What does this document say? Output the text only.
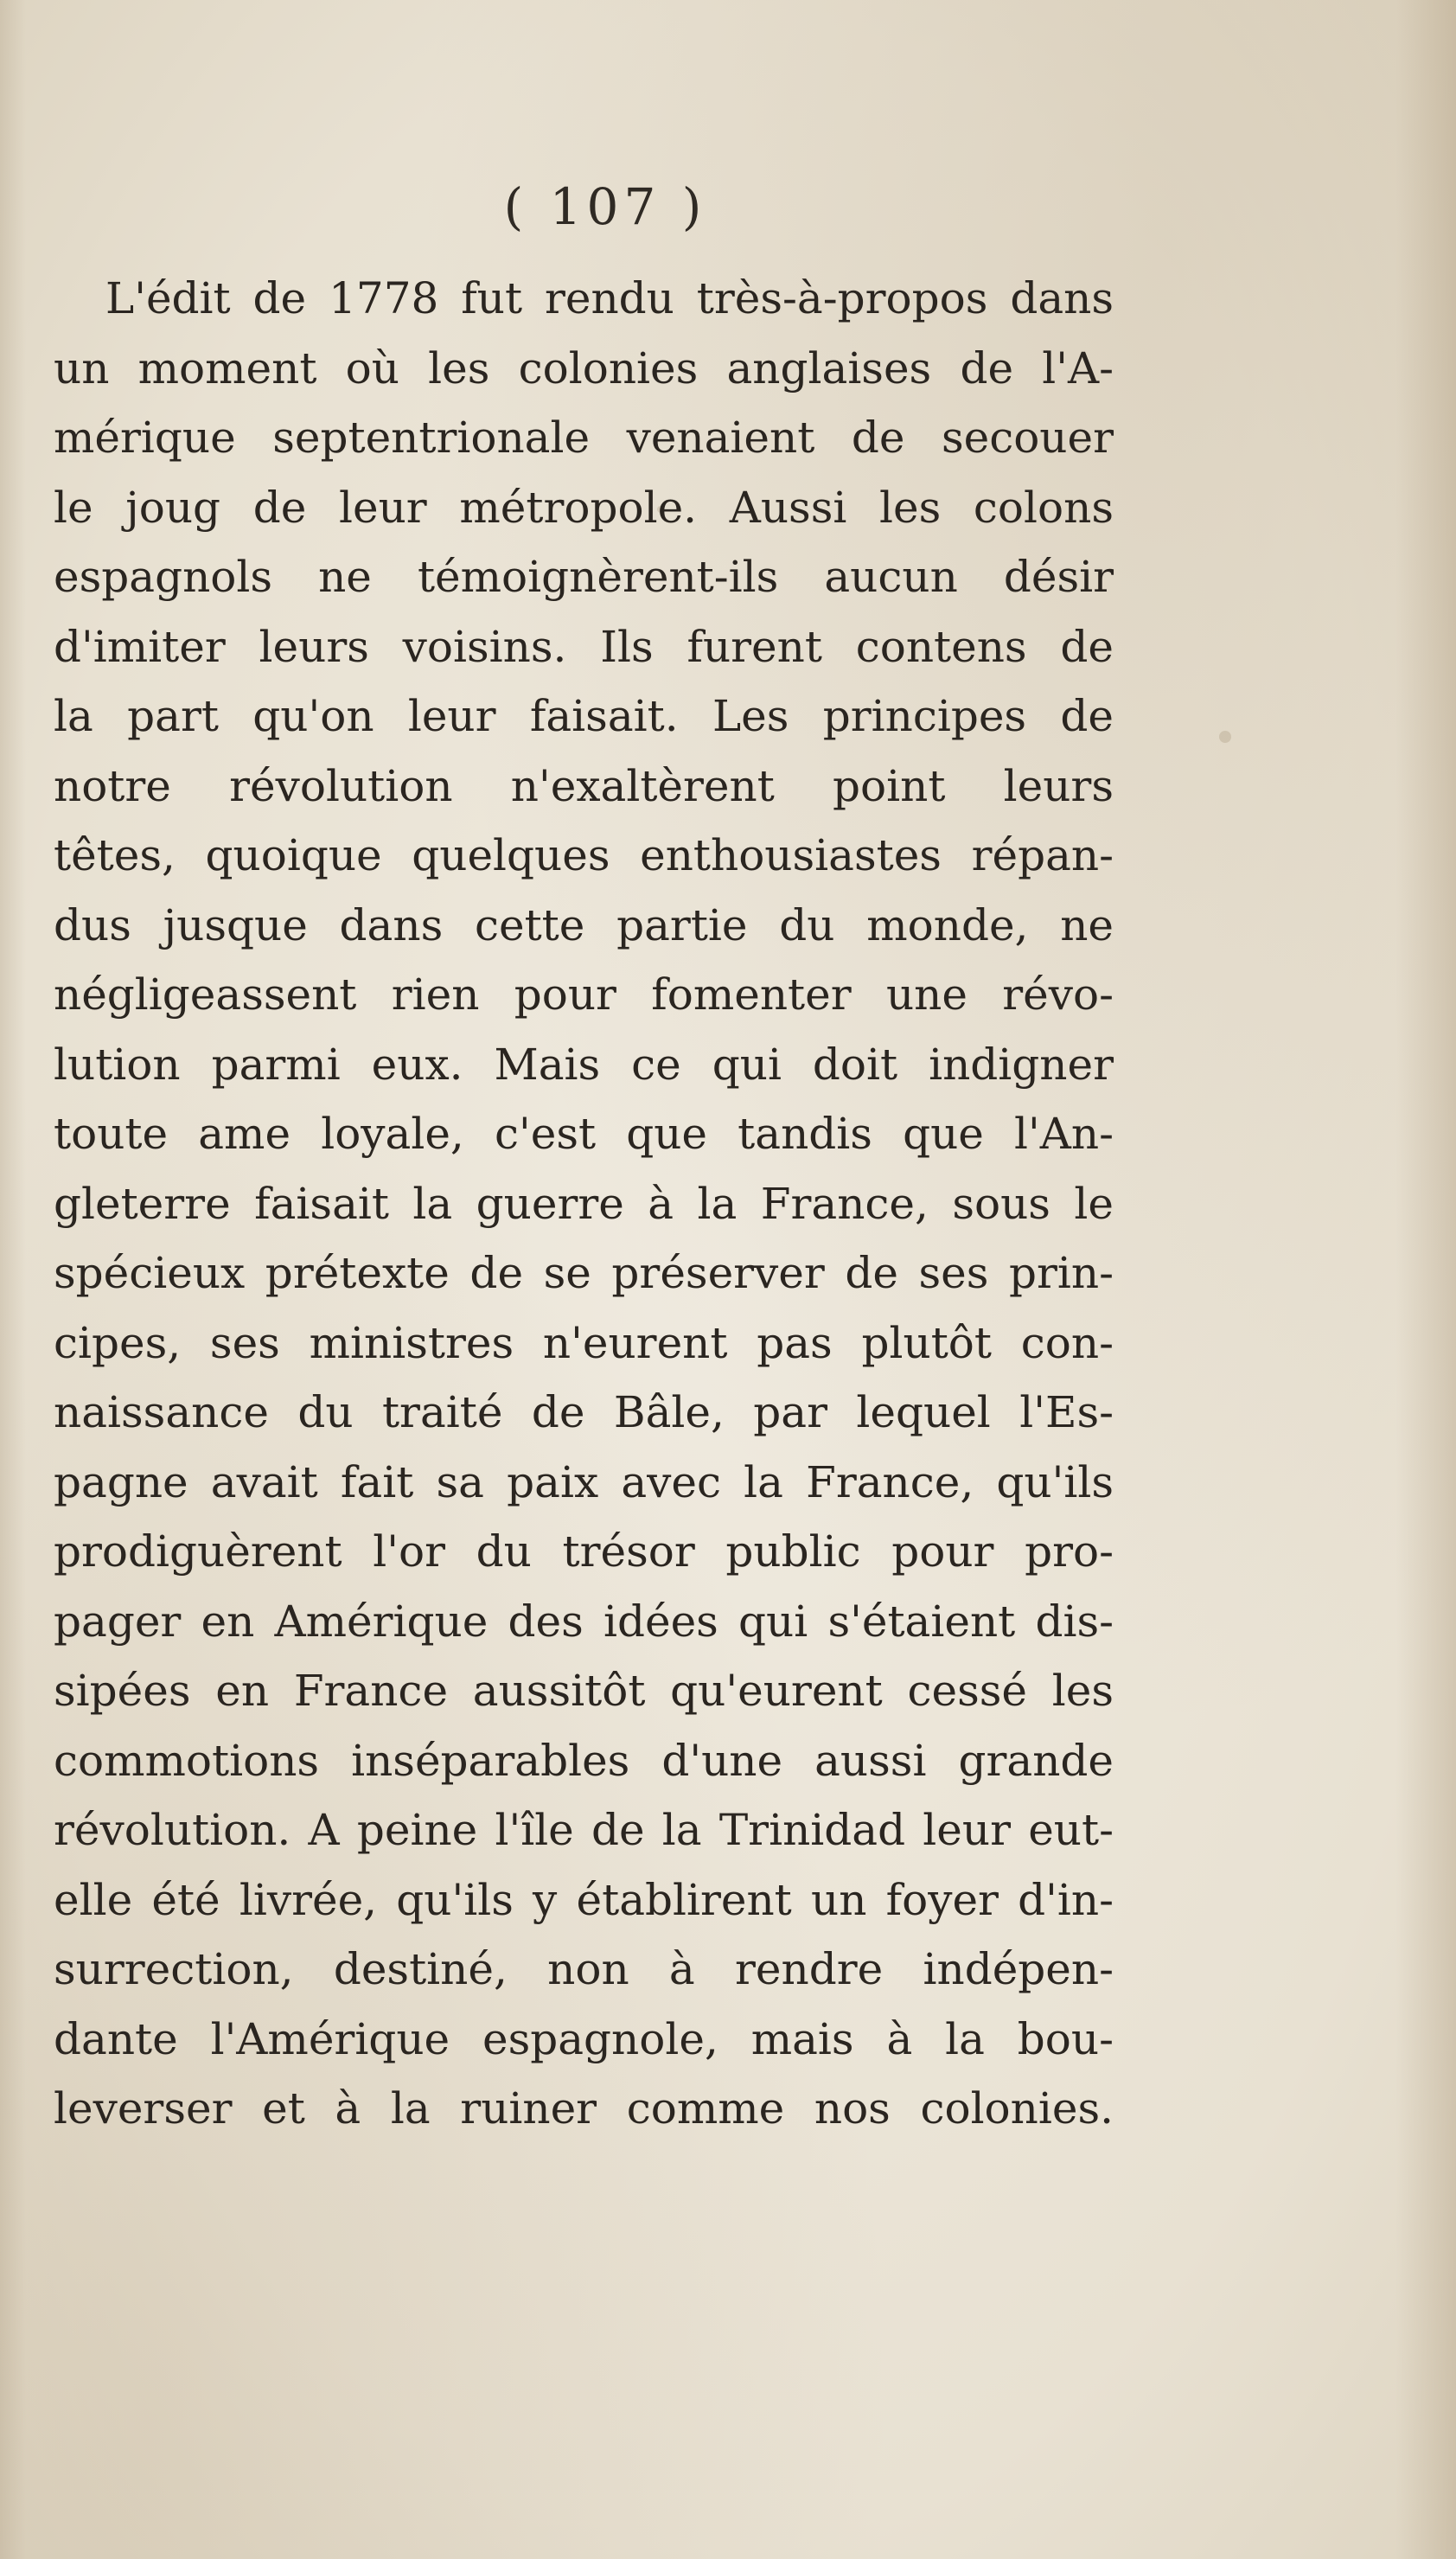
( 107 )
L'édit de 1778 fut rendu très-à-propos dans
un moment où les colonies anglaises de l'A-
mérique septentrionale venaient de secouer
le joug de leur métropole. Aussi les colons
espagnols ne témoignèrent-ils aucun désir
d'imiter leurs voisins. Ils furent contens de
la part qu'on leur faisait. Les principes de
notre révolution n'exaltèrent point leurs
têtes, quoique quelques enthousiastes répan-
dus jusque dans cette partie du monde, ne
négligeassent rien pour fomenter une révo-
lution parmi eux. Mais ce qui doit indigner
toute ame loyale, c'est que tandis que l'An-
gleterre faisait la guerre à la France, sous le
spécieux prétexte de se préserver de ses prin-
cipes, ses ministres n'eurent pas plutôt con-
naissance du traité de Bâle, par lequel l'Es-
pagne avait fait sa paix avec la France, qu'ils
prodiguèrent l'or du trésor public pour pro-
pager en Amérique des idées qui s'étaient dis-
sipées en France aussitôt qu'eurent cessé les
commotions inséparables d'une aussi grande
révolution. A peine l'île de la Trinidad leur eut-
elle été livrée, qu'ils y établirent un foyer d'in-
surrection, destiné, non à rendre indépen-
dante l'Amérique espagnole, mais à la bou-
leverser et à la ruiner comme nos colonies.
